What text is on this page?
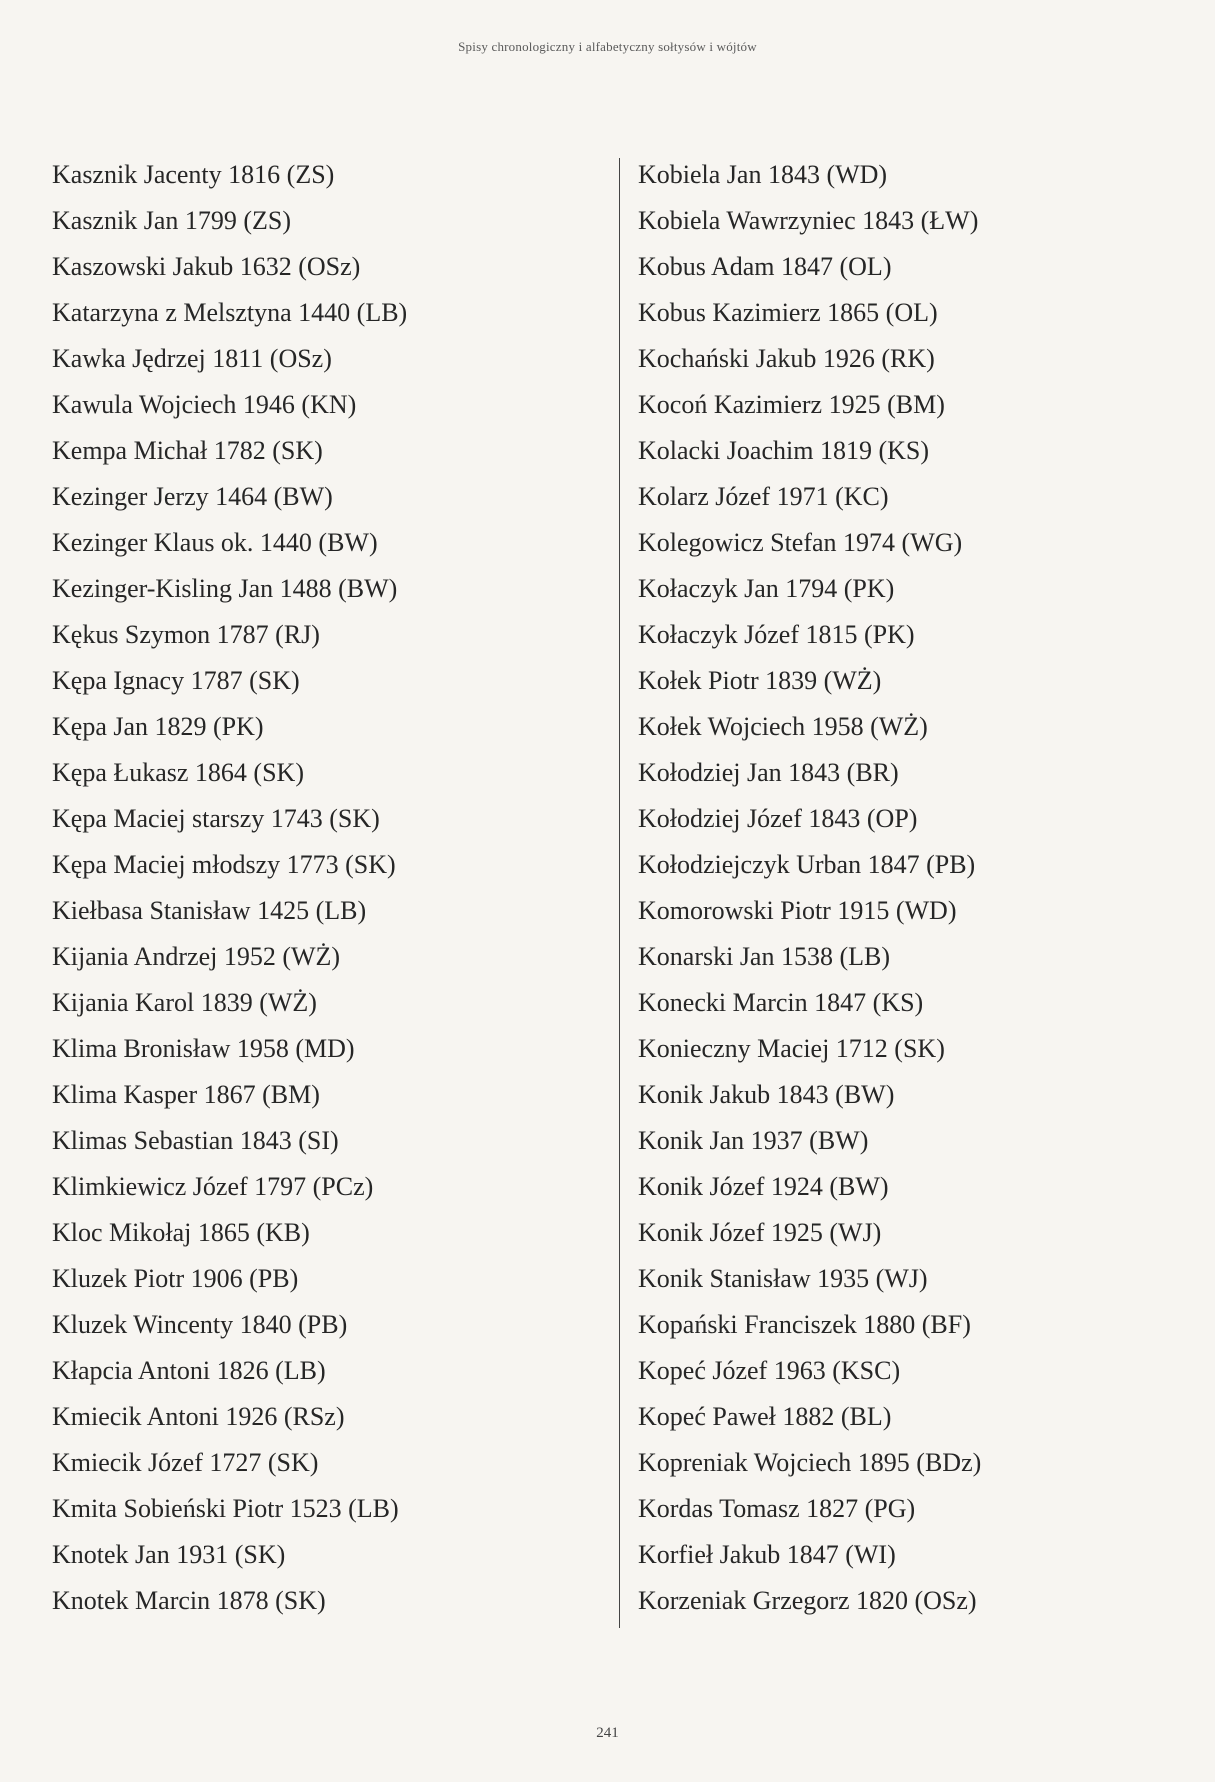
Spisy chronologiczny i alfabetyczny sołtysów i wójtów
Kasznik Jacenty 1816 (ZS)
Kasznik Jan 1799 (ZS)
Kaszowski Jakub 1632 (OSz)
Katarzyna z Melsztyna 1440 (LB)
Kawka Jędrzej 1811 (OSz)
Kawula Wojciech 1946 (KN)
Kempa Michał 1782 (SK)
Kezinger Jerzy 1464 (BW)
Kezinger Klaus ok. 1440 (BW)
Kezinger-Kisling Jan 1488 (BW)
Kękus Szymon 1787 (RJ)
Kępa Ignacy 1787 (SK)
Kępa Jan 1829 (PK)
Kępa Łukasz 1864 (SK)
Kępa Maciej starszy 1743 (SK)
Kępa Maciej młodszy 1773 (SK)
Kiełbasa Stanisław 1425 (LB)
Kijania Andrzej 1952 (WŻ)
Kijania Karol 1839 (WŻ)
Klima Bronisław 1958 (MD)
Klima Kasper 1867 (BM)
Klimas Sebastian 1843 (SI)
Klimkiewicz Józef 1797 (PCz)
Kloc Mikołaj 1865 (KB)
Kluzek Piotr 1906 (PB)
Kluzek Wincenty 1840 (PB)
Kłapcia Antoni 1826 (LB)
Kmiecik Antoni 1926 (RSz)
Kmiecik Józef 1727 (SK)
Kmita Sobieński Piotr 1523 (LB)
Knotek Jan 1931 (SK)
Knotek Marcin 1878 (SK)
Kobiela Jan 1843 (WD)
Kobiela Wawrzyniec 1843 (ŁW)
Kobus Adam 1847 (OL)
Kobus Kazimierz 1865 (OL)
Kochański Jakub 1926 (RK)
Kocoń Kazimierz 1925 (BM)
Kolacki Joachim 1819 (KS)
Kolarz Józef 1971 (KC)
Kolegowicz Stefan 1974 (WG)
Kołaczyk Jan 1794 (PK)
Kołaczyk Józef 1815 (PK)
Kołek Piotr 1839 (WŻ)
Kołek Wojciech 1958 (WŻ)
Kołodziej Jan 1843 (BR)
Kołodziej Józef 1843 (OP)
Kołodziejczyk Urban 1847 (PB)
Komorowski Piotr 1915 (WD)
Konarski Jan 1538 (LB)
Konecki Marcin 1847 (KS)
Konieczny Maciej 1712 (SK)
Konik Jakub 1843 (BW)
Konik Jan 1937 (BW)
Konik Józef 1924 (BW)
Konik Józef 1925 (WJ)
Konik Stanisław 1935 (WJ)
Kopański Franciszek 1880 (BF)
Kopeć Józef 1963 (KSC)
Kopeć Paweł 1882 (BL)
Kopreniak Wojciech 1895 (BDz)
Kordas Tomasz 1827 (PG)
Korfieł Jakub 1847 (WI)
Korzeniak Grzegorz 1820 (OSz)
241
